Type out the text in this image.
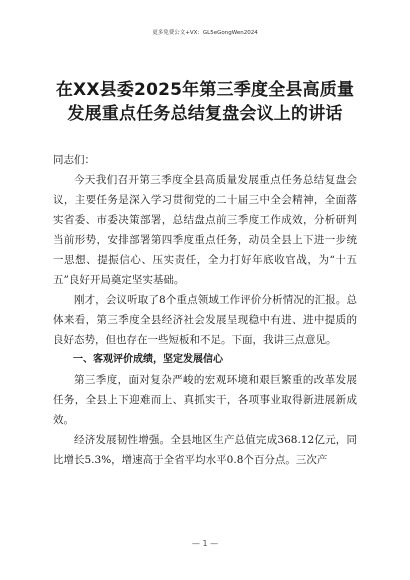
更多免费公文+VX：GL5eGongWen2024
在XX县委2025年第三季度全县高质量
发展重点任务总结复盘会议上的讲话

同志们：

今天我们召开第三季度全县高质量发展重点任务总结复盘会议，主要任务是深入学习贯彻党的二十届三中全会精神，全面落实省委、市委决策部署，总结盘点前三季度工作成效，分析研判当前形势，安排部署第四季度重点任务，动员全县上下进一步统一思想、提振信心、压实责任，全力打好年底收官战，为“十五五”良好开局奠定坚实基础。

刚才，会议听取了8个重点领域工作评价分析情况的汇报。总体来看，第三季度全县经济社会发展呈现稳中有进、进中提质的良好态势，但也存在一些短板和不足。下面，我讲三点意见。

一、客观评价成绩，坚定发展信心

第三季度，面对复杂严峻的宏观环境和艰巨繁重的改革发展任务，全县上下迎难而上、真抓实干，各项事业取得新进展新成效。

经济发展韧性增强。全县地区生产总值完成368.12亿元，同比增长5.3%，增速高于全省平均水平0.8个百分点。三次产

— 1 —
